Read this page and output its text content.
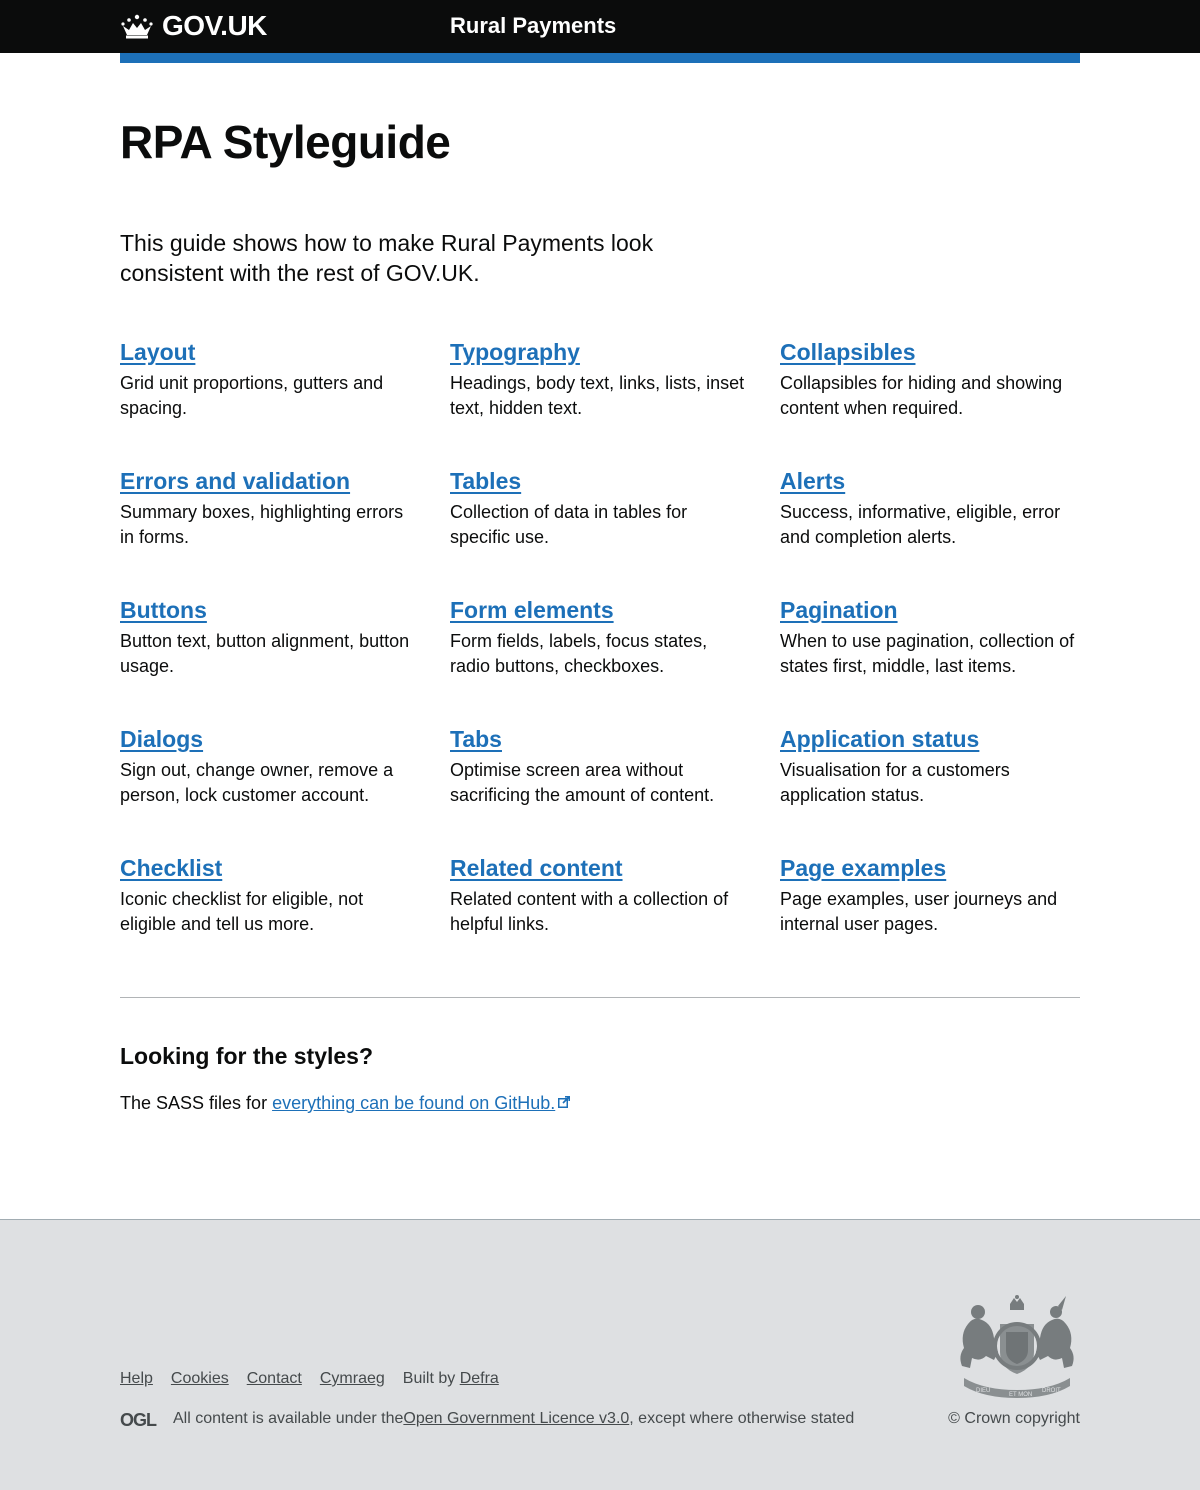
GOV.UK	Rural Payments
RPA Styleguide

This guide shows how to make Rural Payments look consistent with the rest of GOV.UK.

Layout

Grid unit proportions, gutters and spacing.

Typography

Headings, body text, links, lists, inset text, hidden text.

Collapsibles

Collapsibles for hiding and showing content when required.

Errors and validation

Summary boxes, highlighting errors in forms.

Tables

Collection of data in tables for specific use.

Alerts

Success, informative, eligible, error and completion alerts.

Buttons

Button text, button alignment, button usage.

Form elements

Form fields, labels, focus states, radio buttons, checkboxes.

Pagination

When to use pagination, collection of states first, middle, last items.

Dialogs

Sign out, change owner, remove a person, lock customer account.

Tabs

Optimise screen area without sacrificing the amount of content.

Application status

Visualisation for a customers application status.

Checklist

Iconic checklist for eligible, not eligible and tell us more.

Related content

Related content with a collection of helpful links.

Page examples

Page examples, user journeys and internal user pages.

Looking for the styles?

The SASS files for everything can be found on GitHub.

Help Cookies Contact Cymraeg Built by Defra
OGL All content is available under the Open Government Licence v3.0 , except where otherwise stated
DIEU
ET MON
DROIT
© Crown copyright
